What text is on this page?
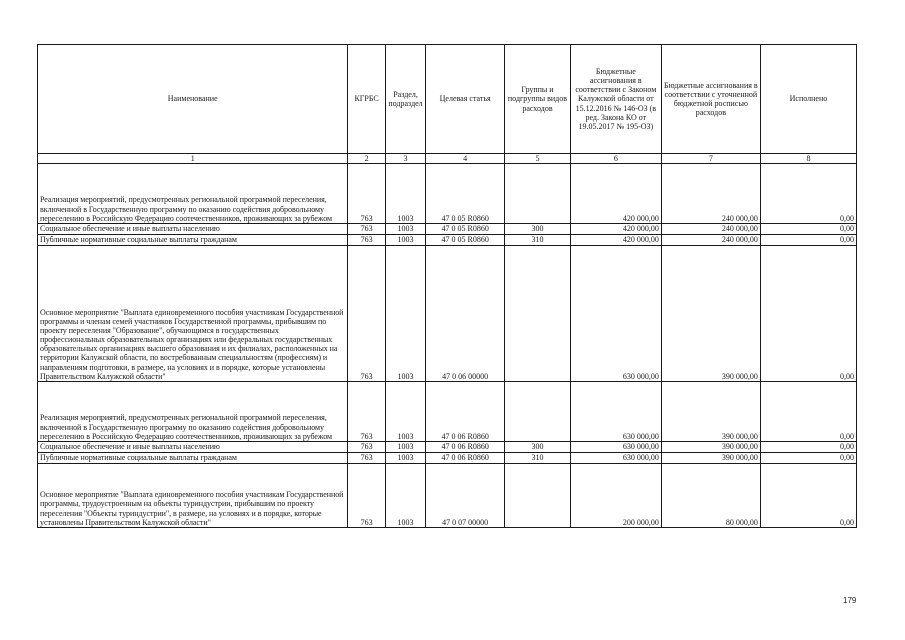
Наименование	КГРБС	Раздел, подраздел	Целевая статья	Группы и подгруппы видов расходов	Бюджетные ассигнования в соответствии с Законом Калужской области от 15.12.2016 № 146-ОЗ (в ред. Закона КО от 19.05.2017 № 195-ОЗ)	Бюджетные ассигнования в соответствии с уточненной бюджетной росписью расходов	Исполнено
1	2	3	4	5	6	7	8
Реализация мероприятий, предусмотренных региональной программой переселения, включенной в Государственную программу по оказанию содействия добровольному переселению в Российскую Федерацию соотечественников, проживающих за рубежом	763	1003	47 0 05 R0860		420 000,00	240 000,00	0,00
Социальное обеспечение и иные выплаты населению	763	1003	47 0 05 R0860	300	420 000,00	240 000,00	0,00
Публичные нормативные социальные выплаты гражданам	763	1003	47 0 05 R0860	310	420 000,00	240 000,00	0,00
Основное мероприятие "Выплата единовременного пособия участникам Государственной программы и членам семей участников Государственной программы, прибывшим по проекту переселения "Образование", обучающимся в государственных профессиональных образовательных организациях или федеральных государственных образовательных организациях высшего образования и их филиалах, расположенных на территории Калужской области, по востребованным специальностям (профессиям) и направлениям подготовки, в размере, на условиях и в порядке, которые установлены Правительством Калужской области"	763	1003	47 0 06 00000		630 000,00	390 000,00	0,00
Реализация мероприятий, предусмотренных региональной программой переселения, включенной в Государственную программу по оказанию содействия добровольному переселению в Российскую Федерацию соотечественников, проживающих за рубежом	763	1003	47 0 06 R0860		630 000,00	390 000,00	0,00
Социальное обеспечение и иные выплаты населению	763	1003	47 0 06 R0860	300	630 000,00	390 000,00	0,00
Публичные нормативные социальные выплаты гражданам	763	1003	47 0 06 R0860	310	630 000,00	390 000,00	0,00
Основное мероприятие "Выплата единовременного пособия участникам Государственной программы, трудоустроенным на объекты туриндустрии, прибывшим по проекту переселения "Объекты туриндустрии", в размере, на условиях и в порядке, которые установлены Правительством Калужской области"	763	1003	47 0 07 00000		200 000,00	80 000,00	0,00
179
